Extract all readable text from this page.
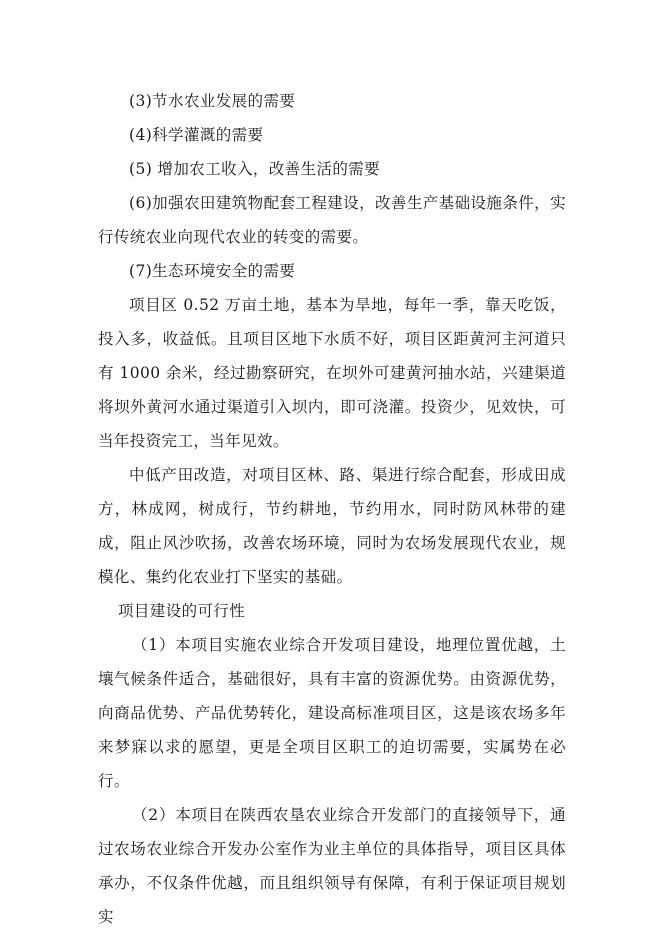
(3)节水农业发展的需要

(4)科学灌溉的需要

(5) 增加农工收入，改善生活的需要

(6)加强农田建筑物配套工程建设，改善生产基础设施条件，实行传统农业向现代农业的转变的需要。

(7)生态环境安全的需要

项目区 0.52 万亩土地，基本为旱地，每年一季，靠天吃饭，投入多，收益低。且项目区地下水质不好，项目区距黄河主河道只有 1000 余米，经过勘察研究，在坝外可建黄河抽水站，兴建渠道将坝外黄河水通过渠道引入坝内，即可浇灌。投资少，见效快，可当年投资完工，当年见效。

中低产田改造，对项目区林、路、渠进行综合配套，形成田成方，林成网，树成行，节约耕地，节约用水，同时防风林带的建成，阻止风沙吹扬，改善农场环境，同时为农场发展现代农业，规模化、集约化农业打下坚实的基础。

项目建设的可行性

（1）本项目实施农业综合开发项目建设，地理位置优越，土壤气候条件适合，基础很好，具有丰富的资源优势。由资源优势，向商品优势、产品优势转化，建设高标准项目区，这是该农场多年来梦寐以求的愿望，更是全项目区职工的迫切需要，实属势在必行。

（2）本项目在陕西农垦农业综合开发部门的直接领导下，通过农场农业综合开发办公室作为业主单位的具体指导，项目区具体承办，不仅条件优越，而且组织领导有保障，有利于保证项目规划实
